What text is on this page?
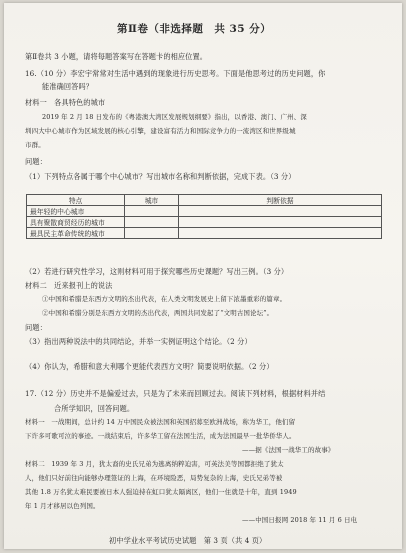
第Ⅱ卷（非选择题　共 35 分）
第Ⅱ卷共 3 小题，请将每题答案写在答题卡的相应位置。
16.（10 分）李宏宇常常对生活中遇到的现象进行历史思考。下面是他思考过的历史问题，你
能准确回答吗？
材料一　各具特色的城市
2019 年 2 月 18 日发布的《粤港澳大湾区发展规划纲要》指出，以香港、澳门、广州、深
圳四大中心城市作为区域发展的核心引擎，建设富有活力和国际竞争力的一流湾区和世界级城
市群。
问题：
（1）下列特点各属于哪个中心城市？写出城市名称和判断依据，完成下表。（3 分）
特点	城市	判断依据
最年轻的中心城市		
具有聚散商贸经历的城市		
最具民主革命传统的城市		
（2）若进行研究性学习，这则材料可用于探究哪些历史课题？写出三例。（3 分）
材料二　近来报刊上的说法
①中国和希腊是东西方文明的杰出代表，在人类文明发展史上留下浓墨重彩的篇章。
②中国和希腊分别是东西方文明的杰出代表，两国共同发起了“文明古国论坛”。
问题：
（3）指出两种说法中的共同结论，并举一实例证明这个结论。（2 分）
（4）你认为，希腊和意大利哪个更能代表西方文明？简要说明依据。（2 分）
17.（12 分）历史并不是偏爱过去，只是为了未来而回顾过去。阅读下列材料，根据材料并结
合所学知识，回答问题。
材料一　一战期间，总计约 14 万中国民众被法国和英国招募至欧洲战场，称为华工，他们留
下许多可歌可泣的事迹。一战结束后，许多华工留在法国生活，成为法国最早一批华侨华人。
——据《法国一战华工的故事》
材料二　1939 年 3 月，犹太裔的史氏兄弟为逃离纳粹迫害，可英法美等国都拒绝了犹太
人，他们只好前往向能够办理签证的上海，在环境险恶，局势复杂的上海，史氏兄弟等被
其他 1.8 万名犹太难民要被日本人强迫持在虹口犹太隔离区，他们一住就是十年，直到 1949
年 1 月才移居以色列国。
——中国日报网 2018 年 11 月 6 日电
初中学业水平考试历史试题　第 3 页（共 4 页）
